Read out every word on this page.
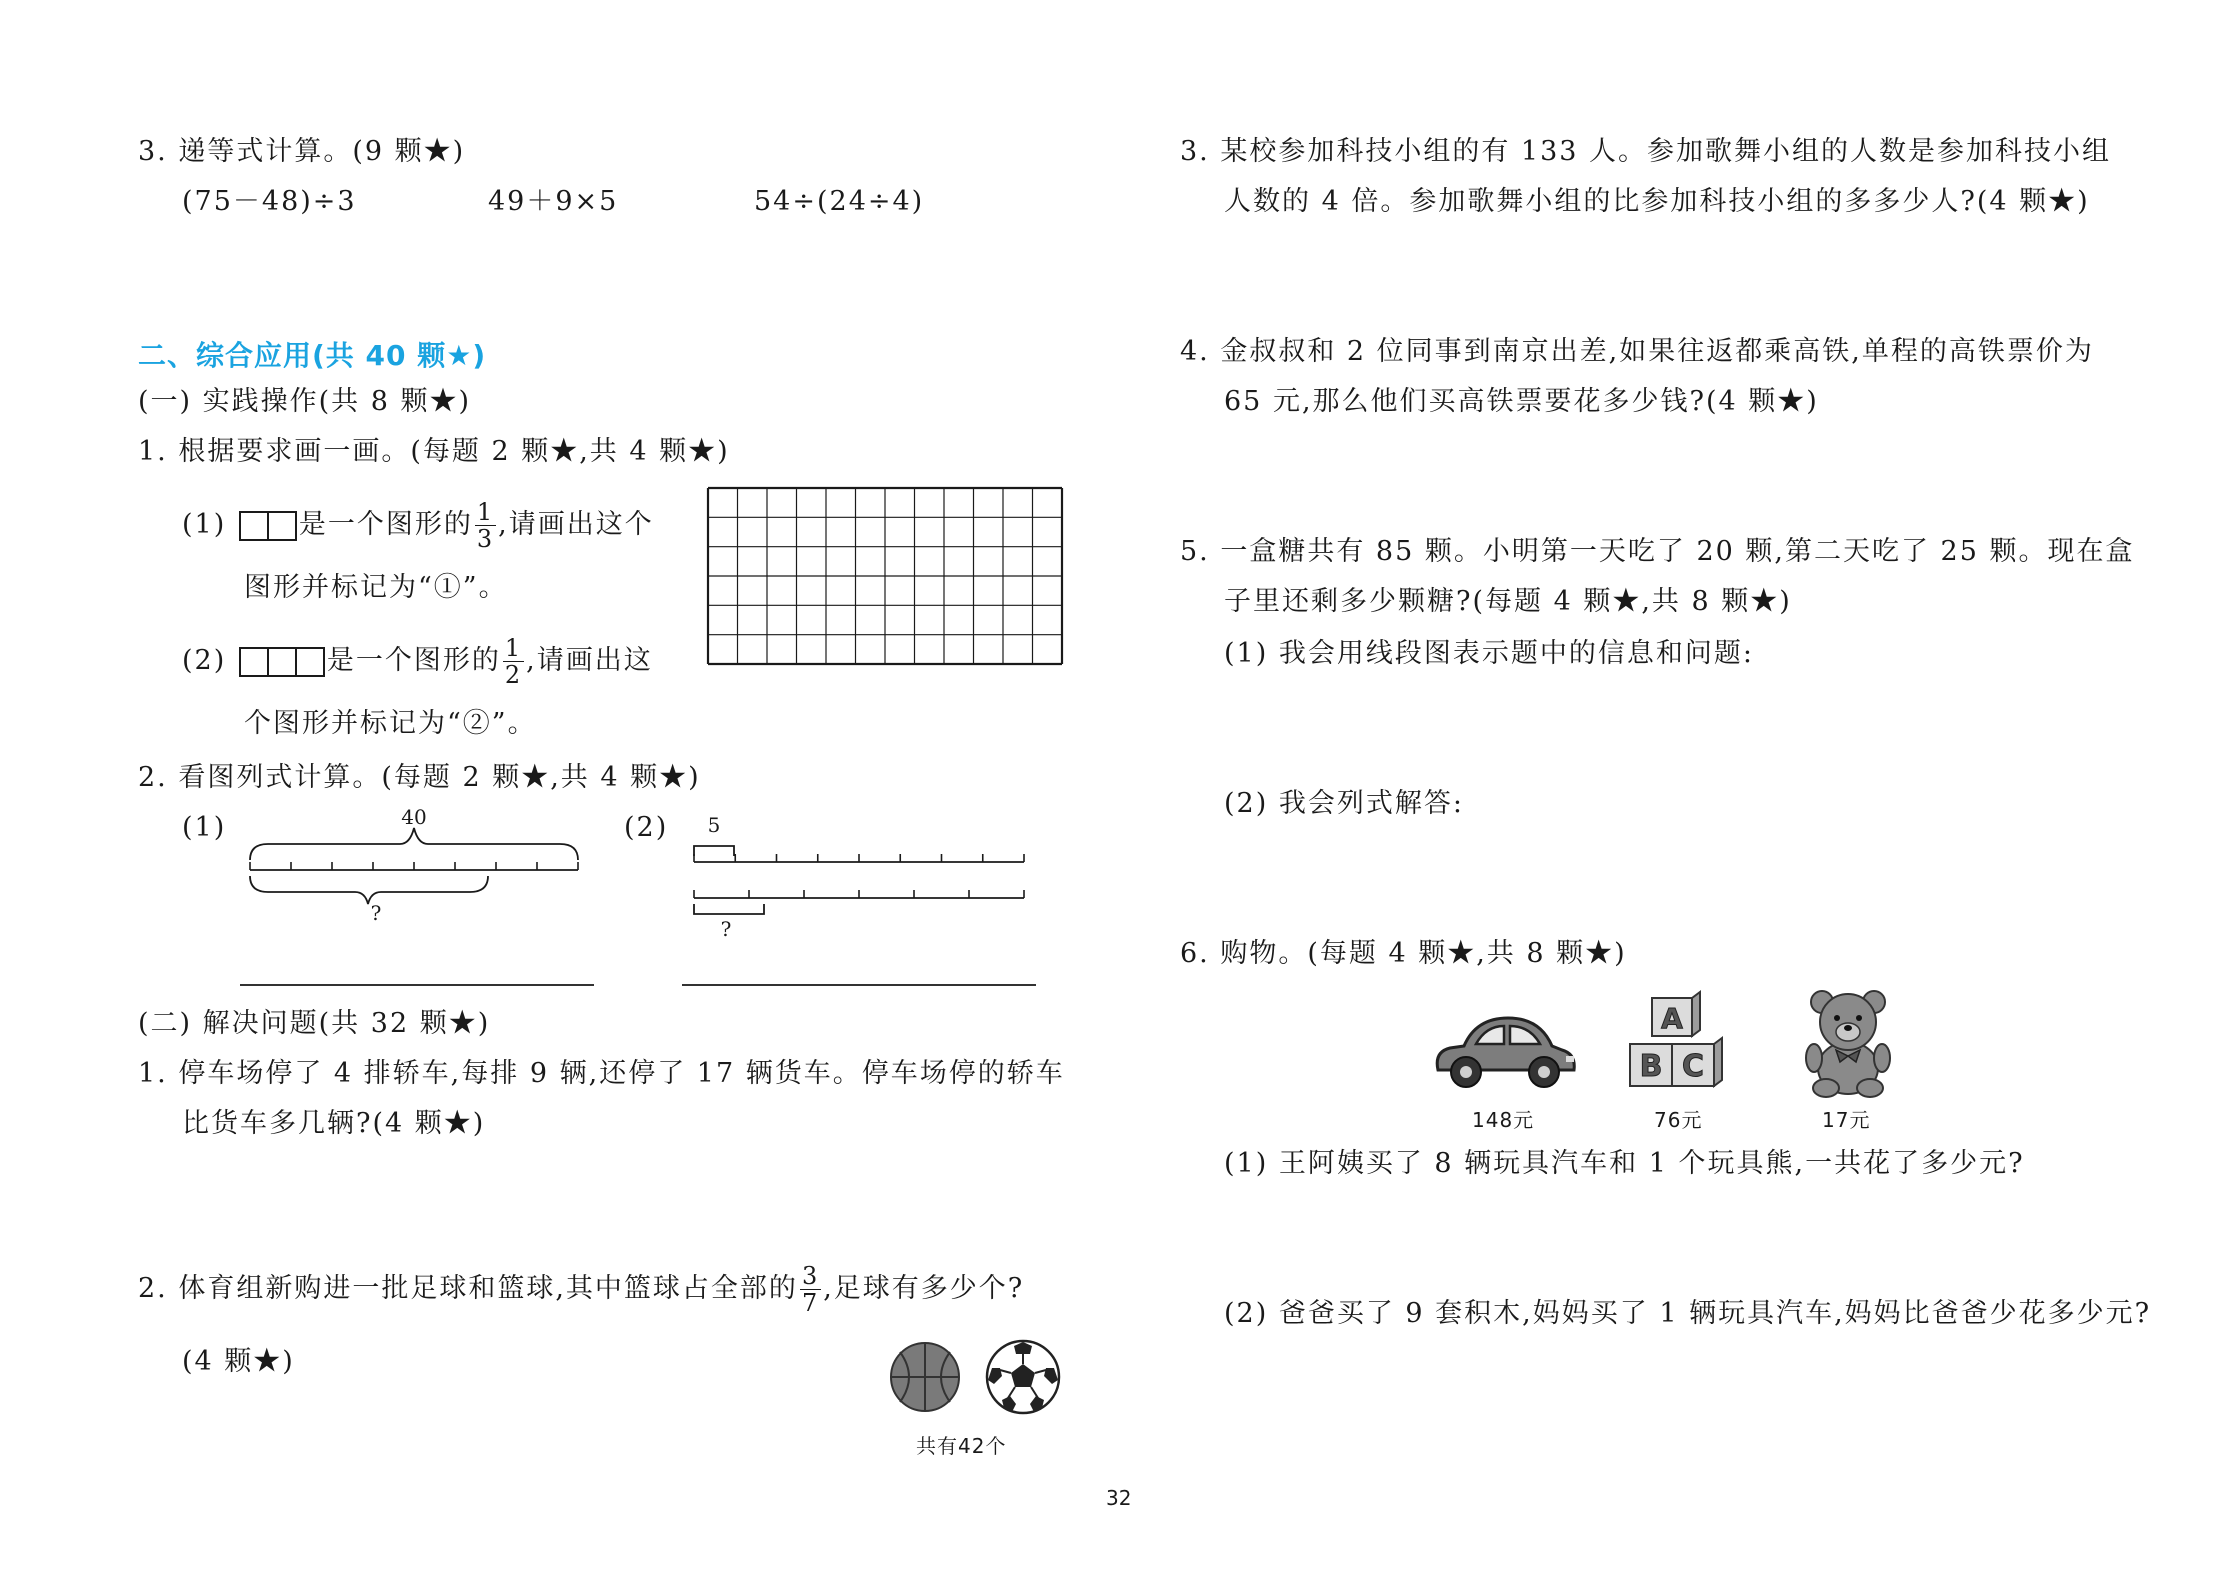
3. 递等式计算。(9 颗★)
(75－48)÷3	49＋9×5	54÷(24÷4)
二、综合应用(共 40 颗★)
(一) 实践操作(共 8 颗★)
1. 根据要求画一画。(每题 2 颗★,共 4 颗★)
(1)	是一个图形的 $\frac{1}{3}$ ,请画出这个
图形并标记为“①”。
(2)	是一个图形的 $\frac{1}{2}$ ,请画出这
个图形并标记为“②”。
2. 看图列式计算。(每题 2 颗★,共 4 颗★)
(1)	(2)
40
?
5
?
(二) 解决问题(共 32 颗★)
1. 停车场停了 4 排轿车,每排 9 辆,还停了 17 辆货车。停车场停的轿车
比货车多几辆?(4 颗★)
2. 体育组新购进一批足球和篮球,其中篮球占全部的 $\frac{3}{7}$ ,足球有多少个?
(4 颗★)
共有42个
32
3. 某校参加科技小组的有 133 人。参加歌舞小组的人数是参加科技小组
人数的 4 倍。参加歌舞小组的比参加科技小组的多多少人?(4 颗★)
4. 金叔叔和 2 位同事到南京出差,如果往返都乘高铁,单程的高铁票价为
65 元,那么他们买高铁票要花多少钱?(4 颗★)
5. 一盒糖共有 85 颗。小明第一天吃了 20 颗,第二天吃了 25 颗。现在盒
子里还剩多少颗糖?(每题 4 颗★,共 8 颗★)
(1) 我会用线段图表示题中的信息和问题:
(2) 我会列式解答:
6. 购物。(每题 4 颗★,共 8 颗★)
A
B C
148元	76元	17元
(1) 王阿姨买了 8 辆玩具汽车和 1 个玩具熊,一共花了多少元?
(2) 爸爸买了 9 套积木,妈妈买了 1 辆玩具汽车,妈妈比爸爸少花多少元?
